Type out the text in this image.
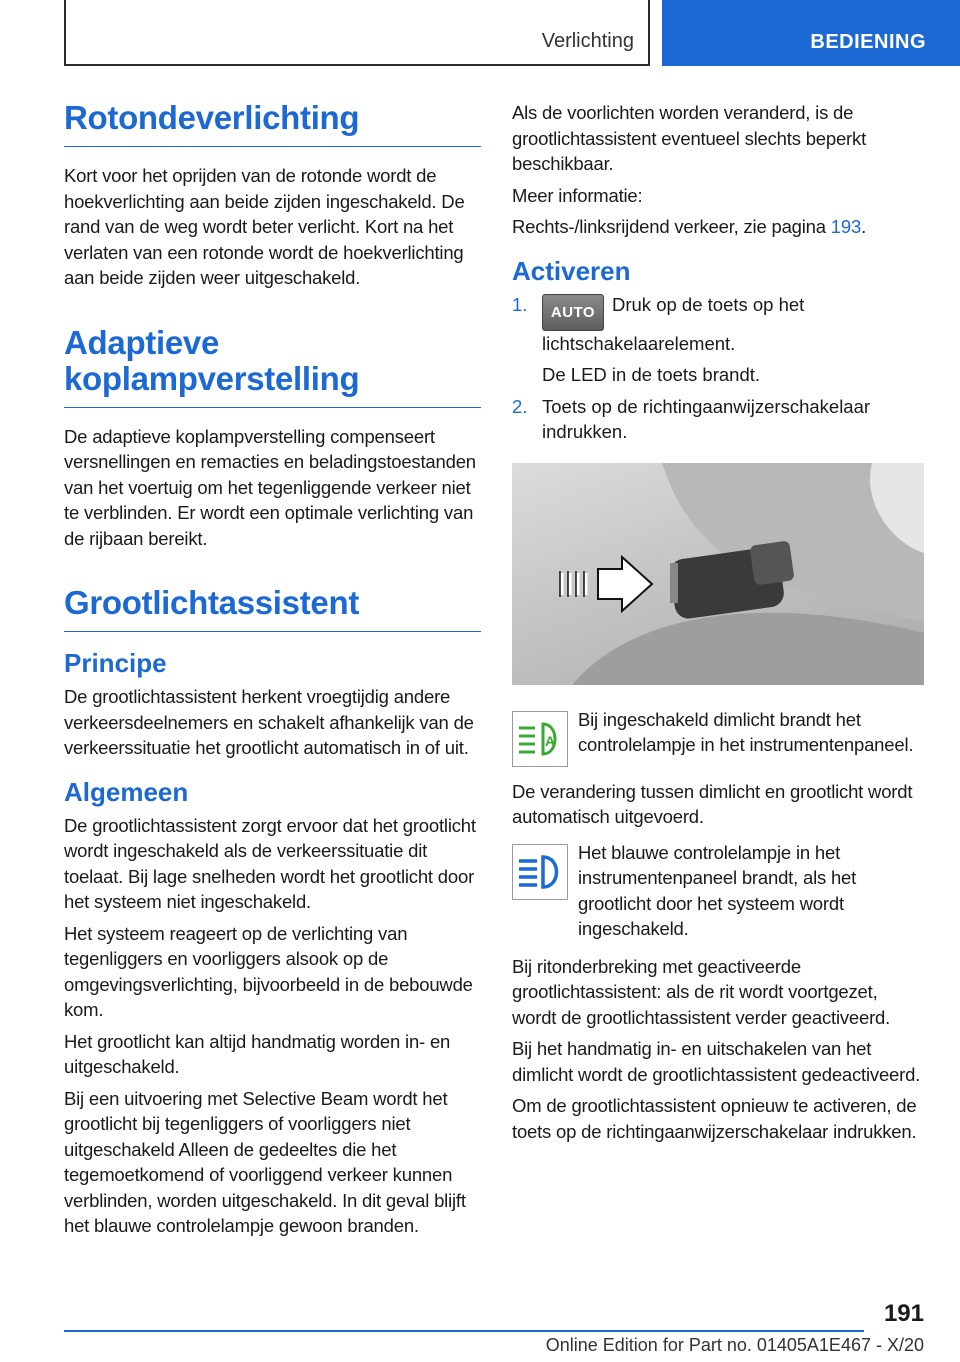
Verlichting	BEDIENING
Rotondeverlichting

Kort voor het oprijden van de rotonde wordt de hoekverlichting aan beide zijden ingeschakeld. De rand van de weg wordt beter verlicht. Kort na het verlaten van een rotonde wordt de hoekverlichting aan beide zijden weer uitgeschakeld.

Adaptieve
koplampverstelling

De adaptieve koplampverstelling compenseert versnellingen en remacties en beladingstoestanden van het voertuig om het tegenliggende verkeer niet te verblinden. Er wordt een optimale verlichting van de rijbaan bereikt.

Grootlichtassistent
Principe

De grootlichtassistent herkent vroegtijdig andere verkeersdeelnemers en schakelt afhankelijk van de verkeerssituatie het grootlicht automatisch in of uit.

Algemeen

De grootlichtassistent zorgt ervoor dat het grootlicht wordt ingeschakeld als de verkeerssituatie dit toelaat. Bij lage snelheden wordt het grootlicht door het systeem niet ingeschakeld.

Het systeem reageert op de verlichting van tegenliggers en voorliggers alsook op de omgevingsverlichting, bijvoorbeeld in de bebouwde kom.

Het grootlicht kan altijd handmatig worden in- en uitgeschakeld.

Bij een uitvoering met Selective Beam wordt het grootlicht bij tegenliggers of voorliggers niet uitgeschakeld Alleen de gedeeltes die het tegemoetkomend of voorliggend verkeer kunnen verblinden, worden uitgeschakeld. In dit geval blijft het blauwe controlelampje gewoon branden.

Als de voorlichten worden veranderd, is de grootlichtassistent eventueel slechts beperkt beschikbaar.

Meer informatie:

Rechts-/linksrijdend verkeer, zie pagina 193.

Activeren
1. AUTO Druk op de toets op het lichtschakelaarelement.
De LED in de toets brandt.
2. Toets op de richtingaanwijzerschakelaar indrukken.
A

Bij ingeschakeld dimlicht brandt het controlelampje in het instrumentenpaneel.

De verandering tussen dimlicht en grootlicht wordt automatisch uitgevoerd.

Het blauwe controlelampje in het instrumentenpaneel brandt, als het grootlicht door het systeem wordt ingeschakeld.

Bij ritonderbreking met geactiveerde grootlichtassistent: als de rit wordt voortgezet, wordt de grootlichtassistent verder geactiveerd.

Bij het handmatig in- en uitschakelen van het dimlicht wordt de grootlichtassistent gedeactiveerd.

Om de grootlichtassistent opnieuw te activeren, de toets op de richtingaanwijzerschakelaar indrukken.

191
Online Edition for Part no. 01405A1E467 - X/20
